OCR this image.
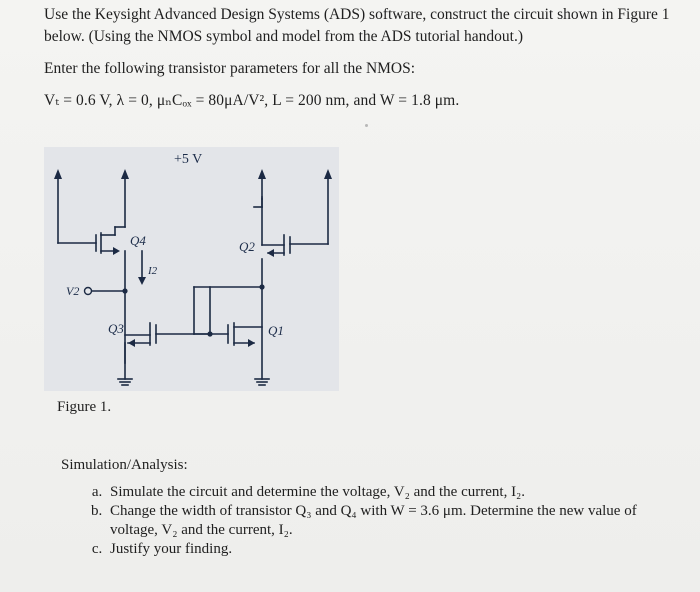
Use the Keysight Advanced Design Systems (ADS) software, construct the circuit shown in Figure 1 below. (Using the NMOS symbol and model from the ADS tutorial handout.)

Enter the following transistor parameters for all the NMOS:

Vₜ = 0.6 V, λ = 0, μₙCₒₓ = 80μA/V², L = 200 nm, and W = 1.8 μm.

+5 V
Q4	Q2
Q3	Q1
I2
V2
Figure 1.

Simulation/Analysis:

a. Simulate the circuit and determine the voltage, V₂ and the current, I₂.
b. Change the width of transistor Q₃ and Q₄ with W = 3.6 μm. Determine the new value of voltage, V₂ and the current, I₂.
c. Justify your finding.
